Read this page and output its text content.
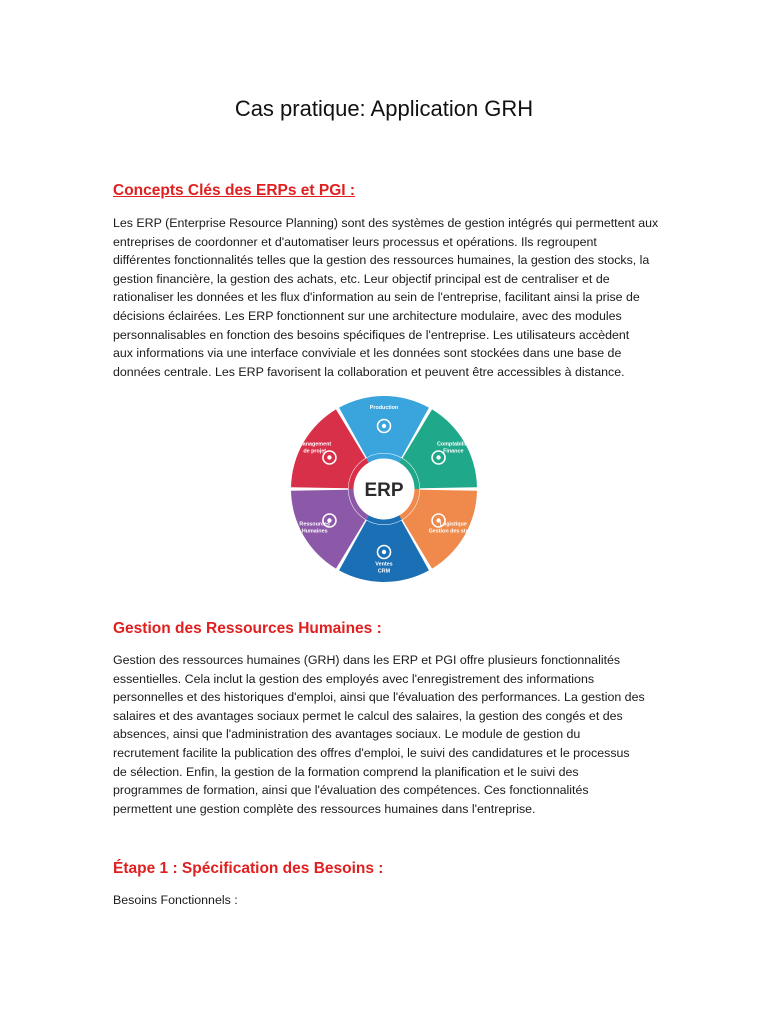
Cas pratique: Application GRH
Concepts Clés des ERPs et PGI :

Les ERP (Enterprise Resource Planning) sont des systèmes de gestion intégrés qui permettent aux
entreprises de coordonner et d'automatiser leurs processus et opérations. Ils regroupent
différentes fonctionnalités telles que la gestion des ressources humaines, la gestion des stocks, la
gestion financière, la gestion des achats, etc. Leur objectif principal est de centraliser et de
rationaliser les données et les flux d'information au sein de l'entreprise, facilitant ainsi la prise de
décisions éclairées. Les ERP fonctionnent sur une architecture modulaire, avec des modules
personnalisables en fonction des besoins spécifiques de l'entreprise. Les utilisateurs accèdent
aux informations via une interface conviviale et les données sont stockées dans une base de
données centrale. Les ERP favorisent la collaboration et peuvent être accessibles à distance.

Production
Comptabilité Finance
Logistique Gestion des stocks
Ventes CRM
Ressources Humaines
Management de projet
ERP
Gestion des Ressources Humaines :

Gestion des ressources humaines (GRH) dans les ERP et PGI offre plusieurs fonctionnalités
essentielles. Cela inclut la gestion des employés avec l'enregistrement des informations
personnelles et des historiques d'emploi, ainsi que l'évaluation des performances. La gestion des
salaires et des avantages sociaux permet le calcul des salaires, la gestion des congés et des
absences, ainsi que l'administration des avantages sociaux. Le module de gestion du
recrutement facilite la publication des offres d'emploi, le suivi des candidatures et le processus
de sélection. Enfin, la gestion de la formation comprend la planification et le suivi des
programmes de formation, ainsi que l'évaluation des compétences. Ces fonctionnalités
permettent une gestion complète des ressources humaines dans l'entreprise.

Étape 1 : Spécification des Besoins :

Besoins Fonctionnels :
